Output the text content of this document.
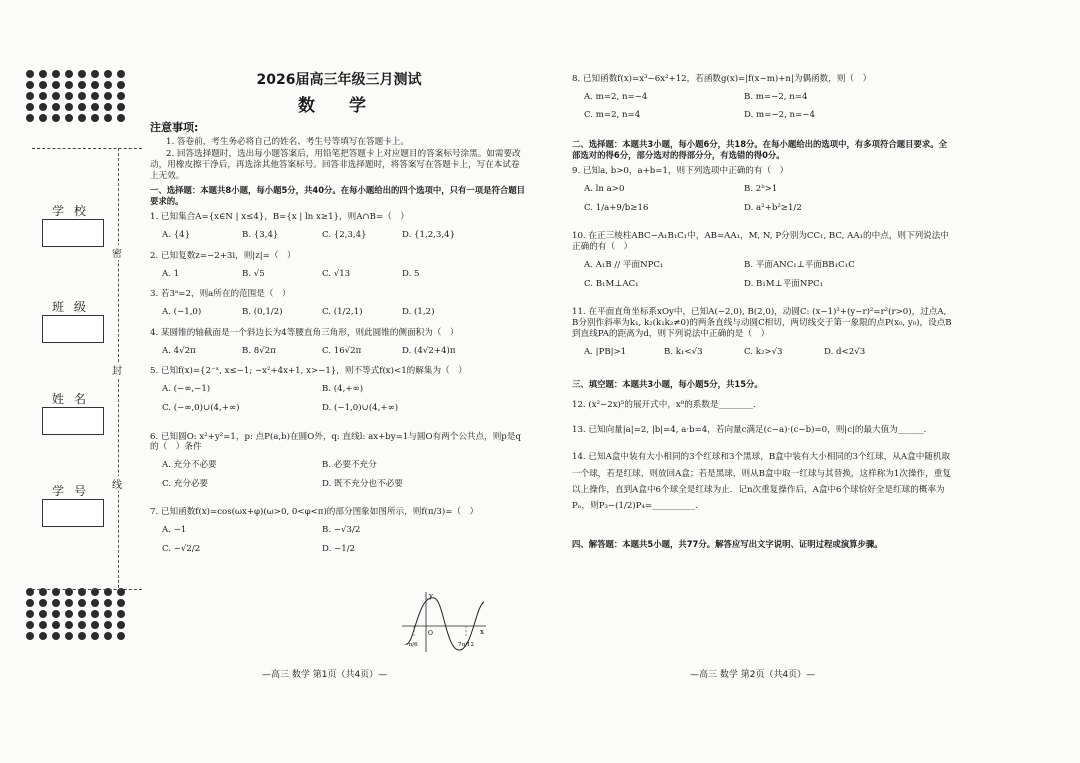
密
封
线
学校
班级
姓名
学号
2026届高三年级三月测试
数 学
注意事项:
1. 答卷前，考生务必将自己的姓名、考生号等填写在答题卡上。
2. 回答选择题时，选出每小题答案后，用铅笔把答题卡上对应题目的答案标号涂黑。如需要改动，用橡皮擦干净后，再选涂其他答案标号。回答非选择题时，将答案写在答题卡上，写在本试卷上无效。
一、选择题：本题共8小题，每小题5分，共40分。在每小题给出的四个选项中，只有一项是符合题目要求的。
1. 已知集合A={x∈N | x≤4}，B={x | ln x≥1}，则A∩B=（　）
A. {4}	B. {3,4}	C. {2,3,4}	D. {1,2,3,4}
2. 已知复数z=−2+3i，则|z|=（　）
A. 1	B. √5	C. √13	D. 5
3. 若3ᵃ=2，则a所在的范围是（　）
A. (−1,0)	B. (0,1/2)	C. (1/2,1)	D. (1,2)
4. 某圆锥的轴截面是一个斜边长为4等腰直角三角形，则此圆锥的侧面积为（　）
A. 4√2π	B. 8√2π	C. 16√2π	D. (4√2+4)π
5. 已知f(x)={2⁻ˣ, x≤−1; −x²+4x+1, x>−1}，则不等式f(x)<1的解集为（　）
A. (−∞,−1)	B. (4,+∞)
C. (−∞,0)∪(4,+∞)	D. (−1,0)∪(4,+∞)
6. 已知圆O: x²+y²=1，p: 点P(a,b)在圆O外，q: 直线l: ax+by=1与圆O有两个公共点，则p是q的（　）条件
A. 充分不必要	B. 必要不充分
C. 充分必要	D. 既不充分也不必要
7. 已知函数f(x)=cos(ωx+φ)(ω>0, 0<φ<π)的部分图象如图所示，则f(π/3)=（　）
A. −1	B. −√3/2
C. −√2/2	D. −1/2
y
x
O
−π/6	7π/12
8. 已知函数f(x)=x³−6x²+12，若函数g(x)=|f(x−m)+n|为偶函数，则（　）
A. m=2, n=−4	B. m=−2, n=4
C. m=2, n=4	D. m=−2, n=−4
二、选择题：本题共3小题，每小题6分，共18分。在每小题给出的选项中，有多项符合题目要求。全部选对的得6分，部分选对的得部分分，有选错的得0分。
9. 已知a, b>0，a+b=1，则下列选项中正确的有（　）
A. ln a>0	B. 2ᵇ>1
C. 1/a+9/b≥16	D. a²+b²≥1/2
10. 在正三棱柱ABC−A₁B₁C₁中，AB=AA₁，M, N, P分别为CC₁, BC, AA₁的中点，则下列说法中正确的有（　）
A. A₁B // 平面NPC₁	B. 平面ANC₁⊥平面BB₁C₁C
C. B₁M⊥AC₁	D. B₁M⊥平面NPC₁
11. 在平面直角坐标系xOy中，已知A(−2,0), B(2,0)，动圆C: (x−1)²+(y−r)²=r²(r>0)，过点A, B分别作斜率为k₁, k₂(k₁k₂≠0)的两条直线与动圆C相切，两切线交于第一象限的点P(x₀, y₀)，设点B到直线PA的距离为d，则下列说法中正确的是（　）
A. |PB|>1	B. k₁<√3	C. k₂>√3	D. d<2√3
三、填空题：本题共3小题，每小题5分，共15分。
12. (x²−2x)⁵的展开式中，x⁸的系数是________.
13. 已知向量|a|=2, |b|=4, a·b=4，若向量c满足(c−a)·(c−b)=0，则|c|的最大值为______.
14. 已知A盒中装有大小相同的3个红球和3个黑球，B盒中装有大小相同的3个红球，从A盒中随机取一个球，若是红球，则放回A盒；若是黑球，则从B盒中取一红球与其替换，这样称为1次操作，重复以上操作，直到A盒中6个球全是红球为止．记n次重复操作后，A盒中6个球恰好全是红球的概率为Pₙ，则P₃−(1/2)P₄=__________.
四、解答题：本题共5小题，共77分。解答应写出文字说明、证明过程或演算步骤。
—高三 数学 第1页（共4页）—	—高三 数学 第2页（共4页）—
